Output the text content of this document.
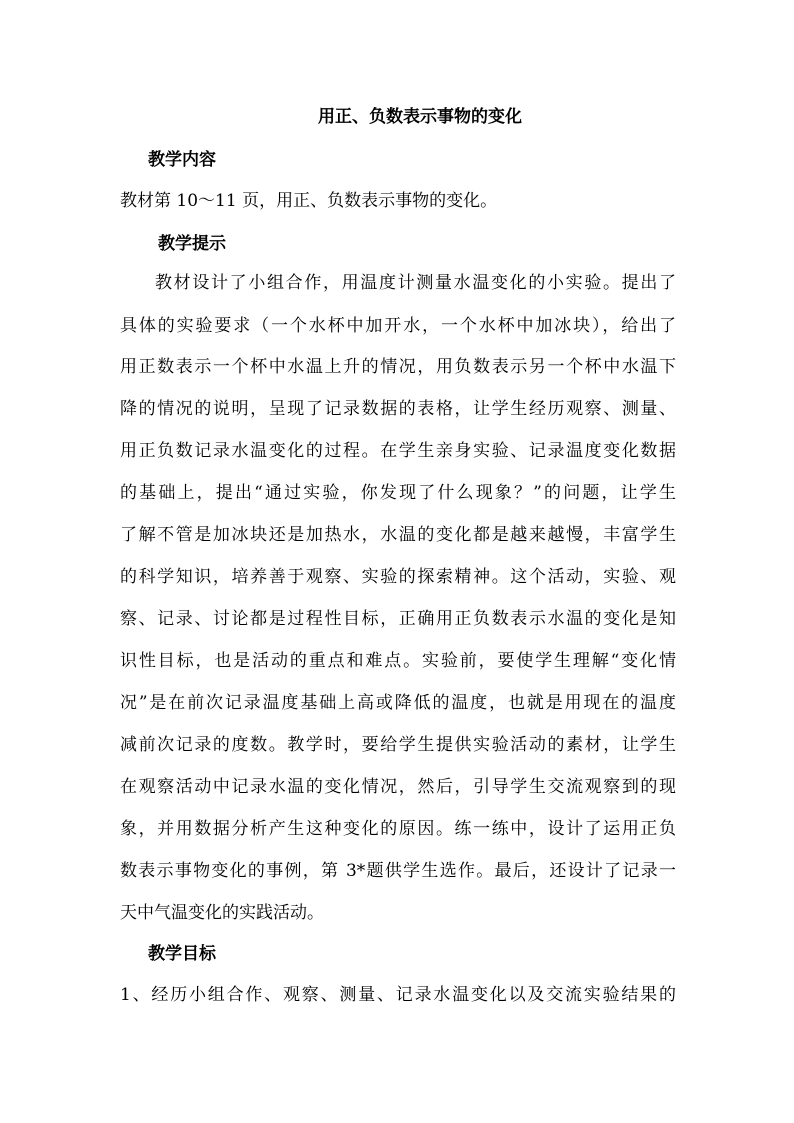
用正、负数表示事物的变化
教学内容
教材第 10～11 页，用正、负数表示事物的变化。
教学提示
教材设计了小组合作，用温度计测量水温变化的小实验。提出了
具体的实验要求（一个水杯中加开水，一个水杯中加冰块），给出了
用正数表示一个杯中水温上升的情况，用负数表示另一个杯中水温下
降的情况的说明，呈现了记录数据的表格，让学生经历观察、测量、
用正负数记录水温变化的过程。在学生亲身实验、记录温度变化数据
的基础上，提出“通过实验，你发现了什么现象？”的问题，让学生
了解不管是加冰块还是加热水，水温的变化都是越来越慢，丰富学生
的科学知识，培养善于观察、实验的探索精神。这个活动，实验、观
察、记录、讨论都是过程性目标，正确用正负数表示水温的变化是知
识性目标，也是活动的重点和难点。实验前，要使学生理解“变化情
况”是在前次记录温度基础上高或降低的温度，也就是用现在的温度
减前次记录的度数。教学时，要给学生提供实验活动的素材，让学生
在观察活动中记录水温的变化情况，然后，引导学生交流观察到的现
象，并用数据分析产生这种变化的原因。练一练中，设计了运用正负
数表示事物变化的事例，第 3*题供学生选作。最后，还设计了记录一
天中气温变化的实践活动。
教学目标
1、经历小组合作、观察、测量、记录水温变化以及交流实验结果的
